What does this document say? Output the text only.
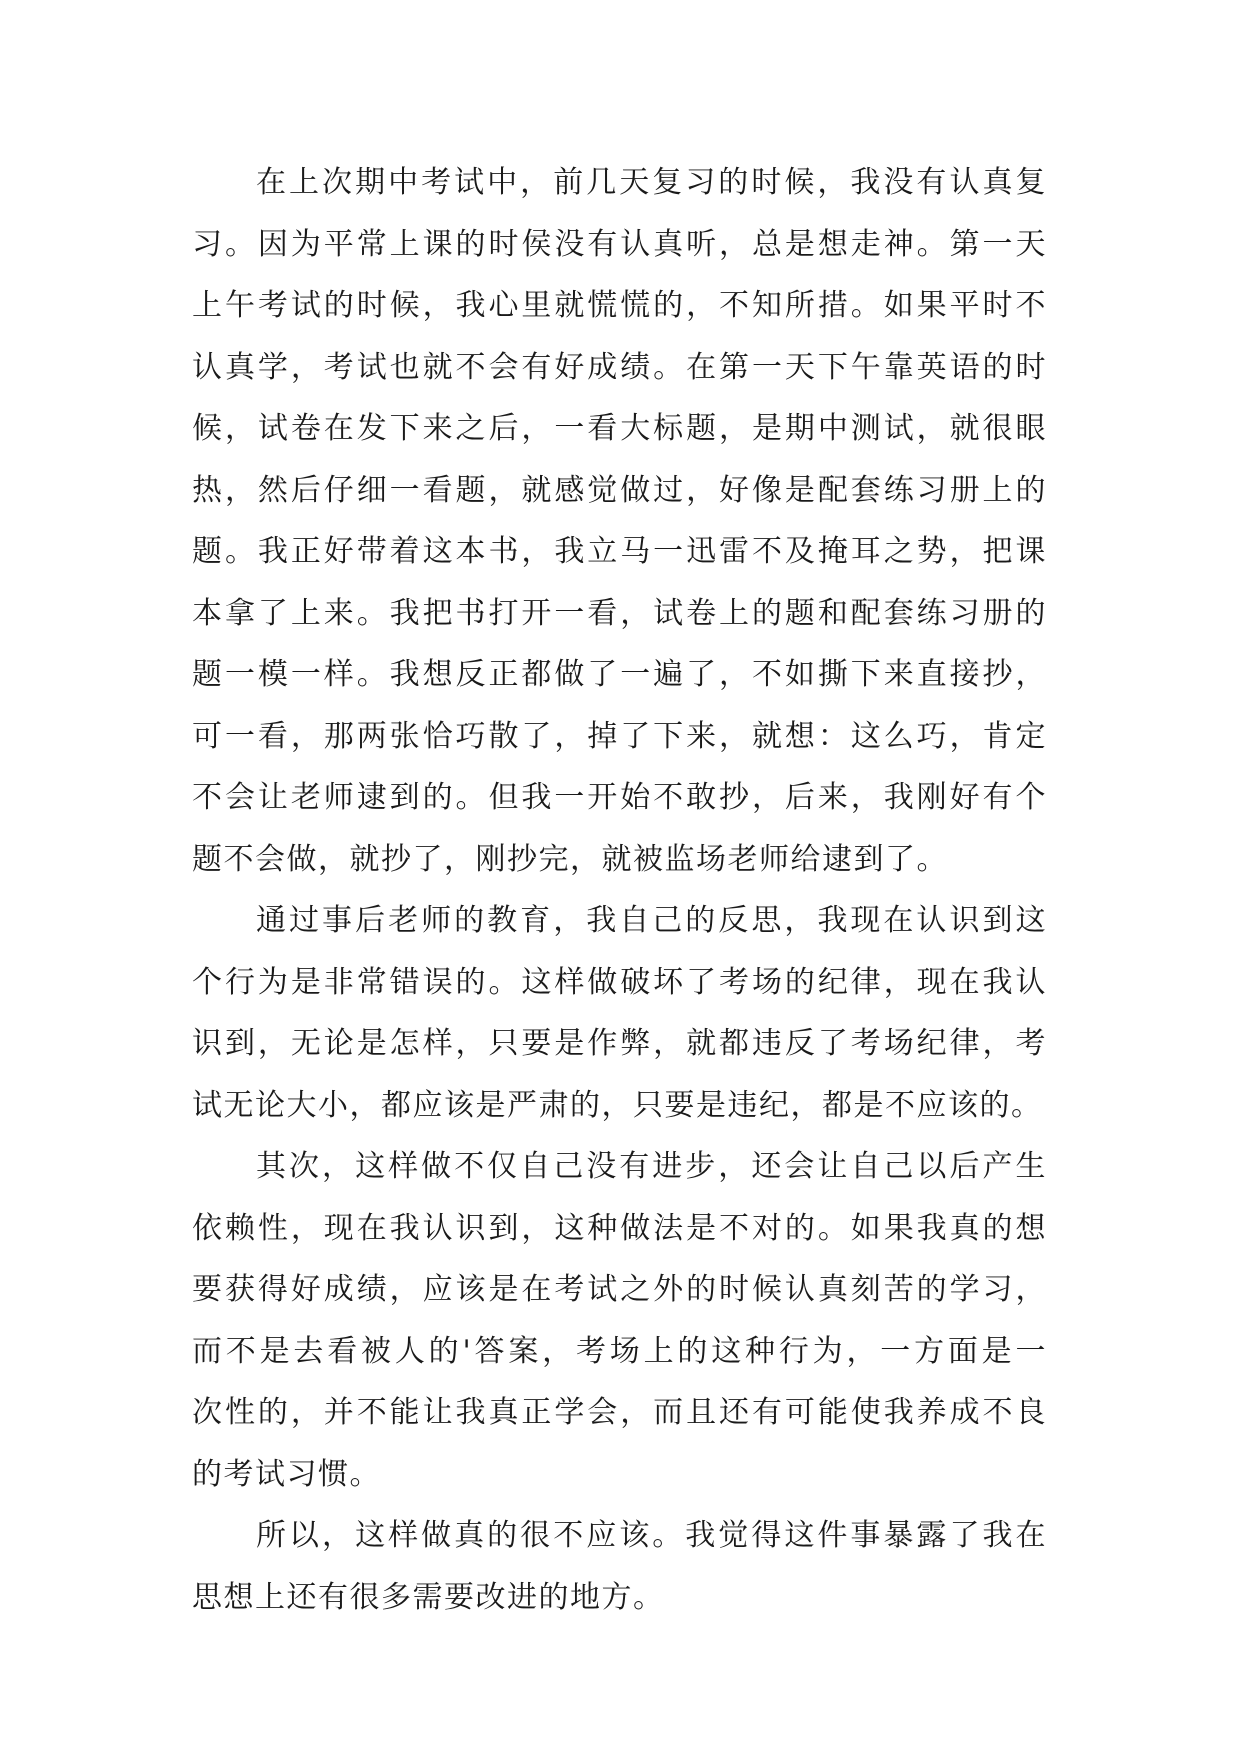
在上次期中考试中，前几天复习的时候，我没有认真复
习。因为平常上课的时侯没有认真听，总是想走神。第一天
上午考试的时候，我心里就慌慌的，不知所措。如果平时不
认真学，考试也就不会有好成绩。在第一天下午靠英语的时
候，试卷在发下来之后，一看大标题，是期中测试，就很眼
热，然后仔细一看题，就感觉做过，好像是配套练习册上的
题。我正好带着这本书，我立马一迅雷不及掩耳之势，把课
本拿了上来。我把书打开一看，试卷上的题和配套练习册的
题一模一样。我想反正都做了一遍了，不如撕下来直接抄，
可一看，那两张恰巧散了，掉了下来，就想：这么巧，肯定
不会让老师逮到的。但我一开始不敢抄，后来，我刚好有个
题不会做，就抄了，刚抄完，就被监场老师给逮到了。
通过事后老师的教育，我自己的反思，我现在认识到这
个行为是非常错误的。这样做破坏了考场的纪律，现在我认
识到，无论是怎样，只要是作弊，就都违反了考场纪律，考
试无论大小，都应该是严肃的，只要是违纪，都是不应该的。
其次，这样做不仅自己没有进步，还会让自己以后产生
依赖性，现在我认识到，这种做法是不对的。如果我真的想
要获得好成绩，应该是在考试之外的时候认真刻苦的学习，
而不是去看被人的'答案，考场上的这种行为，一方面是一
次性的，并不能让我真正学会，而且还有可能使我养成不良
的考试习惯。
所以，这样做真的很不应该。我觉得这件事暴露了我在
思想上还有很多需要改进的地方。
